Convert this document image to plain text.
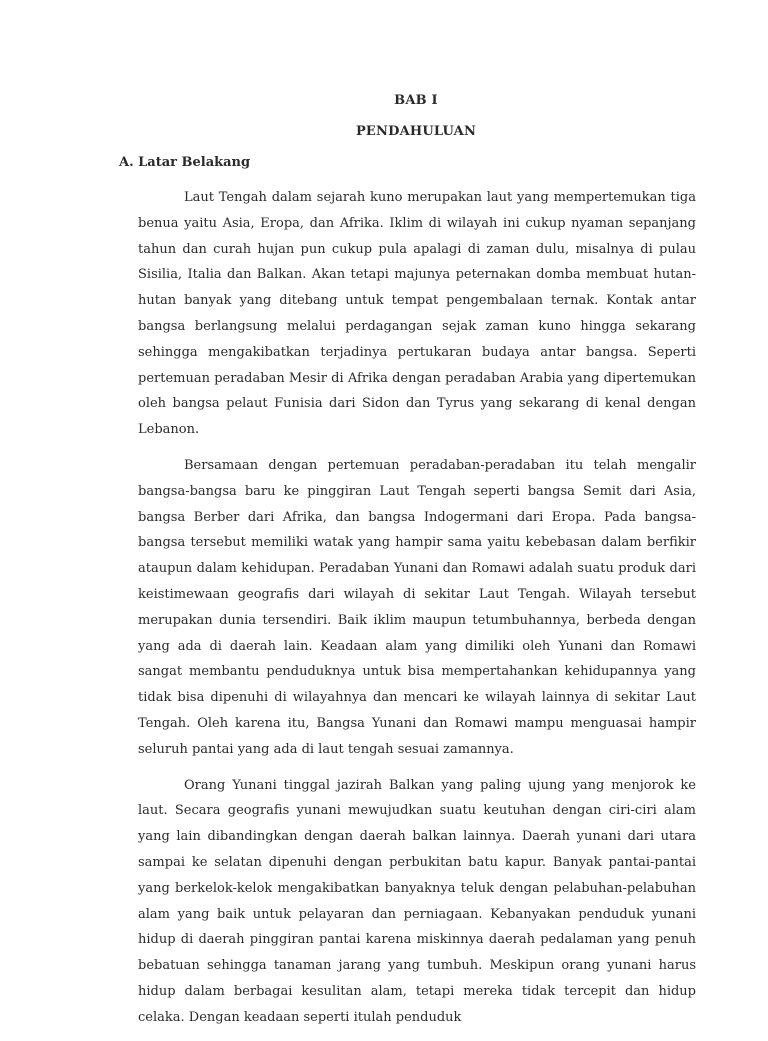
BAB I
PENDAHULUAN
A. Latar Belakang

Laut Tengah dalam sejarah kuno merupakan laut yang mempertemukan tiga benua yaitu Asia, Eropa, dan Afrika. Iklim di wilayah ini cukup nyaman sepanjang tahun dan curah hujan pun cukup pula apalagi di zaman dulu, misalnya di pulau Sisilia, Italia dan Balkan. Akan tetapi majunya peternakan domba membuat hutan-hutan banyak yang ditebang untuk tempat pengembalaan ternak. Kontak antar bangsa berlangsung melalui perdagangan sejak zaman kuno hingga sekarang sehingga mengakibatkan terjadinya pertukaran budaya antar bangsa. Seperti pertemuan peradaban Mesir di Afrika dengan peradaban Arabia yang dipertemukan oleh bangsa pelaut Funisia dari Sidon dan Tyrus yang sekarang di kenal dengan Lebanon.

Bersamaan dengan pertemuan peradaban-peradaban itu telah mengalir bangsa-bangsa baru ke pinggiran Laut Tengah seperti bangsa Semit dari Asia, bangsa Berber dari Afrika, dan bangsa Indogermani dari Eropa. Pada bangsa-bangsa tersebut memiliki watak yang hampir sama yaitu kebebasan dalam berfikir ataupun dalam kehidupan. Peradaban Yunani dan Romawi adalah suatu produk dari keistimewaan geografis dari wilayah di sekitar Laut Tengah. Wilayah tersebut merupakan dunia tersendiri. Baik iklim maupun tetumbuhannya, berbeda dengan yang ada di daerah lain. Keadaan alam yang dimiliki oleh Yunani dan Romawi sangat membantu penduduknya untuk bisa mempertahankan kehidupannya yang tidak bisa dipenuhi di wilayahnya dan mencari ke wilayah lainnya di sekitar Laut Tengah. Oleh karena itu, Bangsa Yunani dan Romawi mampu menguasai hampir seluruh pantai yang ada di laut tengah sesuai zamannya.

Orang Yunani tinggal jazirah Balkan yang paling ujung yang menjorok ke laut. Secara geografis yunani mewujudkan suatu keutuhan dengan ciri-ciri alam yang lain dibandingkan dengan daerah balkan lainnya. Daerah yunani dari utara sampai ke selatan dipenuhi dengan perbukitan batu kapur. Banyak pantai-pantai yang berkelok-kelok mengakibatkan banyaknya teluk dengan pelabuhan-pelabuhan alam yang baik untuk pelayaran dan perniagaan. Kebanyakan penduduk yunani hidup di daerah pinggiran pantai karena miskinnya daerah pedalaman yang penuh bebatuan sehingga tanaman jarang yang tumbuh. Meskipun orang yunani harus hidup dalam berbagai kesulitan alam, tetapi mereka tidak tercepit dan hidup celaka. Dengan keadaan seperti itulah penduduk
